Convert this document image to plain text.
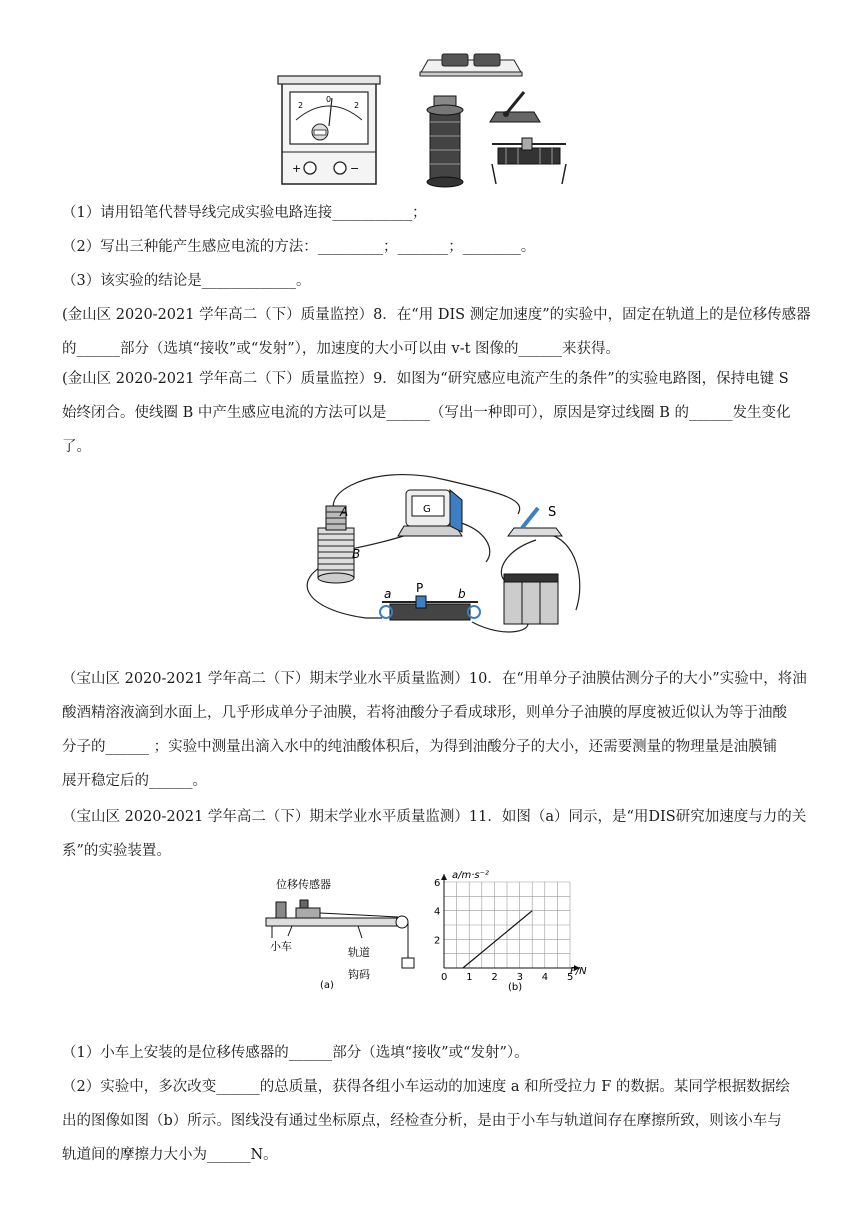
2
0
2
+	−
（1）请用铅笔代替导线完成实验电路连接___________；
（2）写出三种能产生感应电流的方法：_________；_______；________。
（3）该实验的结论是_____________。
(金山区 2020-2021 学年高二（下）质量监控）8．在“用 DIS 测定加速度”的实验中，固定在轨道上的是位移传感器
的______部分（选填“接收”或“发射”），加速度的大小可以由 v-t 图像的______来获得。
(金山区 2020-2021 学年高二（下）质量监控）9．如图为“研究感应电流产生的条件”的实验电路图，保持电键 S
始终闭合。使线圈 B 中产生感应电流的方法可以是______（写出一种即可），原因是穿过线圈 B 的______发生变化
了。
A
B
G	S
P
a	b
（宝山区 2020-2021 学年高二（下）期末学业水平质量监测）10．在“用单分子油膜估测分子的大小”实验中，将油
酸酒精溶液滴到水面上，几乎形成单分子油膜，若将油酸分子看成球形，则单分子油膜的厚度被近似认为等于油酸
分子的______ ；实验中测量出滴入水中的纯油酸体积后，为得到油酸分子的大小，还需要测量的物理量是油膜铺
展开稳定后的______。
（宝山区 2020-2021 学年高二（下）期末学业水平质量监测）11．如图（a）同示，是“用DIS研究加速度与力的关
系”的实验装置。
位移传感器
小车	轨道
钩码
(a)
0 1 2 3 4 5
2
4
6
a/m·s⁻²
F/N
(b)
（1）小车上安装的是位移传感器的______部分（选填“接收”或“发射”）。
（2）实验中，多次改变______的总质量，获得各组小车运动的加速度 a 和所受拉力 F 的数据。某同学根据数据绘
出的图像如图（b）所示。图线没有通过坐标原点，经检查分析，是由于小车与轨道间存在摩擦所致，则该小车与
轨道间的摩擦力大小为______N。
